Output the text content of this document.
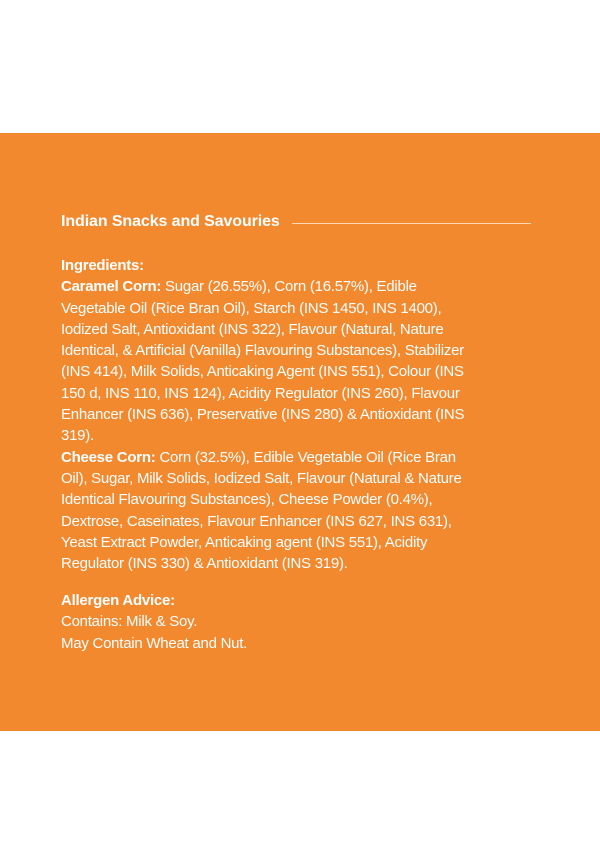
Indian Snacks and Savouries

Ingredients:

Caramel Corn: Sugar (26.55%), Corn (16.57%), Edible
Vegetable Oil (Rice Bran Oil), Starch (INS 1450, INS 1400),
Iodized Salt, Antioxidant (INS 322), Flavour (Natural, Nature
Identical, & Artificial (Vanilla) Flavouring Substances), Stabilizer
(INS 414), Milk Solids, Anticaking Agent (INS 551), Colour (INS
150 d, INS 110, INS 124), Acidity Regulator (INS 260), Flavour
Enhancer (INS 636), Preservative (INS 280) & Antioxidant (INS
319).

Cheese Corn: Corn (32.5%), Edible Vegetable Oil (Rice Bran
Oil), Sugar, Milk Solids, Iodized Salt, Flavour (Natural & Nature
Identical Flavouring Substances), Cheese Powder (0.4%),
Dextrose, Caseinates, Flavour Enhancer (INS 627, INS 631),
Yeast Extract Powder, Anticaking agent (INS 551), Acidity
Regulator (INS 330) & Antioxidant (INS 319).

Allergen Advice:

Contains: Milk & Soy.

May Contain Wheat and Nut.
